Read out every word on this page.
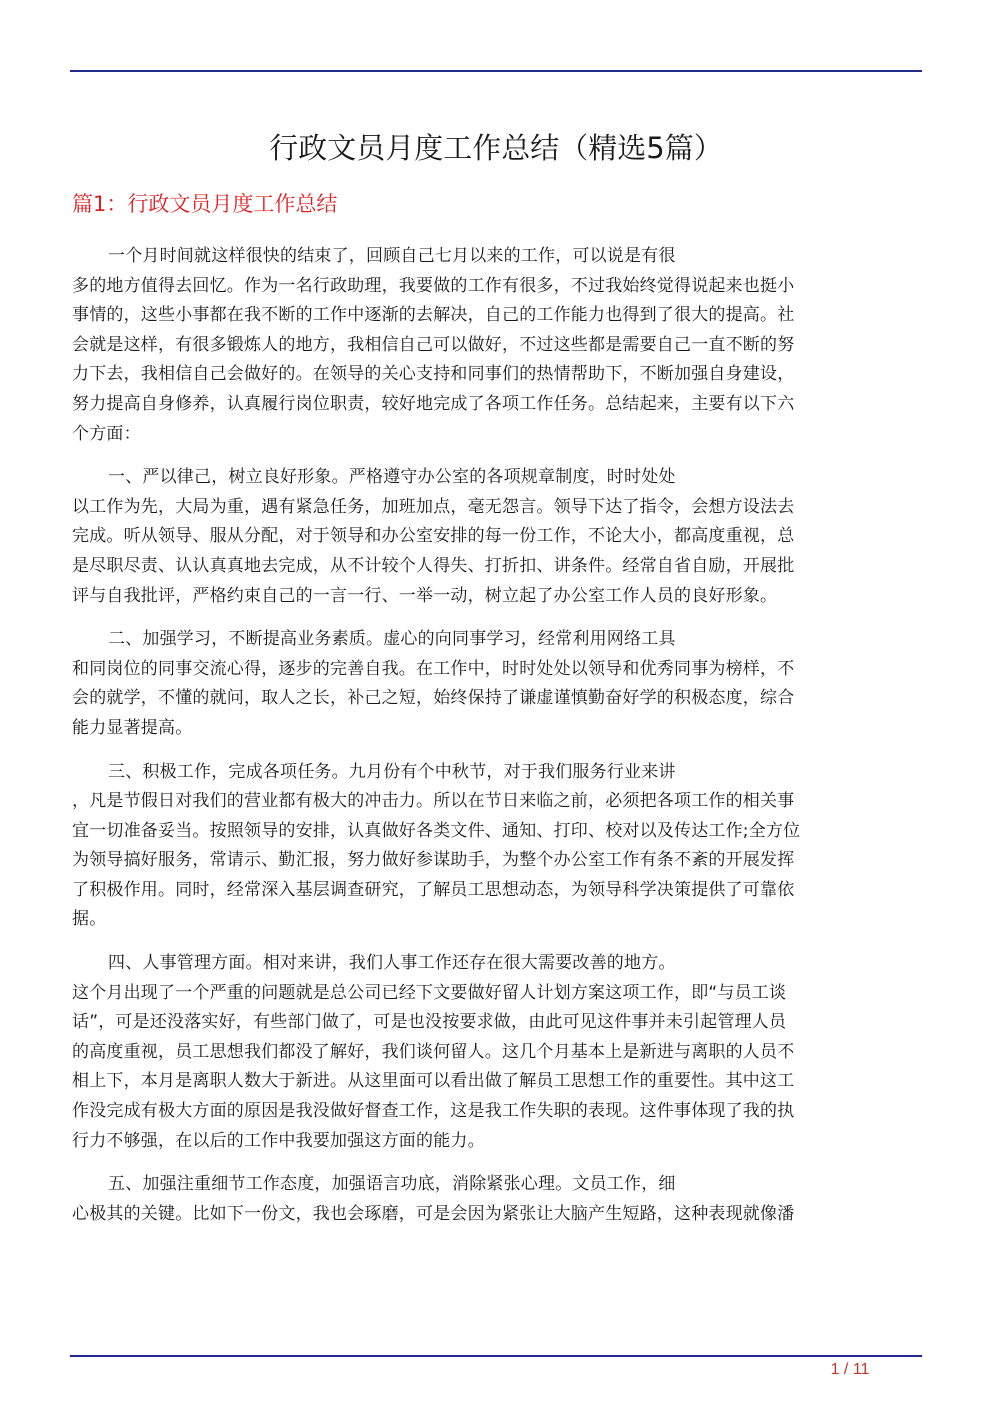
行政文员月度工作总结（精选5篇）
篇1：行政文员月度工作总结
一个月时间就这样很快的结束了，回顾自己七月以来的工作，可以说是有很
多的地方值得去回忆。作为一名行政助理，我要做的工作有很多，不过我始终觉得说起来也挺小
事情的，这些小事都在我不断的工作中逐渐的去解决，自己的工作能力也得到了很大的提高。社
会就是这样，有很多锻炼人的地方，我相信自己可以做好，不过这些都是需要自己一直不断的努
力下去，我相信自己会做好的。在领导的关心支持和同事们的热情帮助下，不断加强自身建设，
努力提高自身修养，认真履行岗位职责，较好地完成了各项工作任务。总结起来，主要有以下六
个方面：
一、严以律己，树立良好形象。严格遵守办公室的各项规章制度，时时处处
以工作为先，大局为重，遇有紧急任务，加班加点，毫无怨言。领导下达了指令，会想方设法去
完成。听从领导、服从分配，对于领导和办公室安排的每一份工作，不论大小，都高度重视，总
是尽职尽责、认认真真地去完成，从不计较个人得失、打折扣、讲条件。经常自省自励，开展批
评与自我批评，严格约束自己的一言一行、一举一动，树立起了办公室工作人员的良好形象。
二、加强学习，不断提高业务素质。虚心的向同事学习，经常利用网络工具
和同岗位的同事交流心得，逐步的完善自我。在工作中，时时处处以领导和优秀同事为榜样，不
会的就学，不懂的就问，取人之长，补己之短，始终保持了谦虚谨慎勤奋好学的积极态度，综合
能力显著提高。
三、积极工作，完成各项任务。九月份有个中秋节，对于我们服务行业来讲
，凡是节假日对我们的营业都有极大的冲击力。所以在节日来临之前，必须把各项工作的相关事
宜一切准备妥当。按照领导的安排，认真做好各类文件、通知、打印、校对以及传达工作;全方位
为领导搞好服务，常请示、勤汇报，努力做好参谋助手，为整个办公室工作有条不紊的开展发挥
了积极作用。同时，经常深入基层调查研究，了解员工思想动态，为领导科学决策提供了可靠依
据。
四、人事管理方面。相对来讲，我们人事工作还存在很大需要改善的地方。
这个月出现了一个严重的问题就是总公司已经下文要做好留人计划方案这项工作，即“与员工谈
话”，可是还没落实好，有些部门做了，可是也没按要求做，由此可见这件事并未引起管理人员
的高度重视，员工思想我们都没了解好，我们谈何留人。这几个月基本上是新进与离职的人员不
相上下，本月是离职人数大于新进。从这里面可以看出做了解员工思想工作的重要性。其中这工
作没完成有极大方面的原因是我没做好督查工作，这是我工作失职的表现。这件事体现了我的执
行力不够强，在以后的工作中我要加强这方面的能力。
五、加强注重细节工作态度，加强语言功底，消除紧张心理。文员工作，细
心极其的关键。比如下一份文，我也会琢磨，可是会因为紧张让大脑产生短路，这种表现就像潘
1 / 11
